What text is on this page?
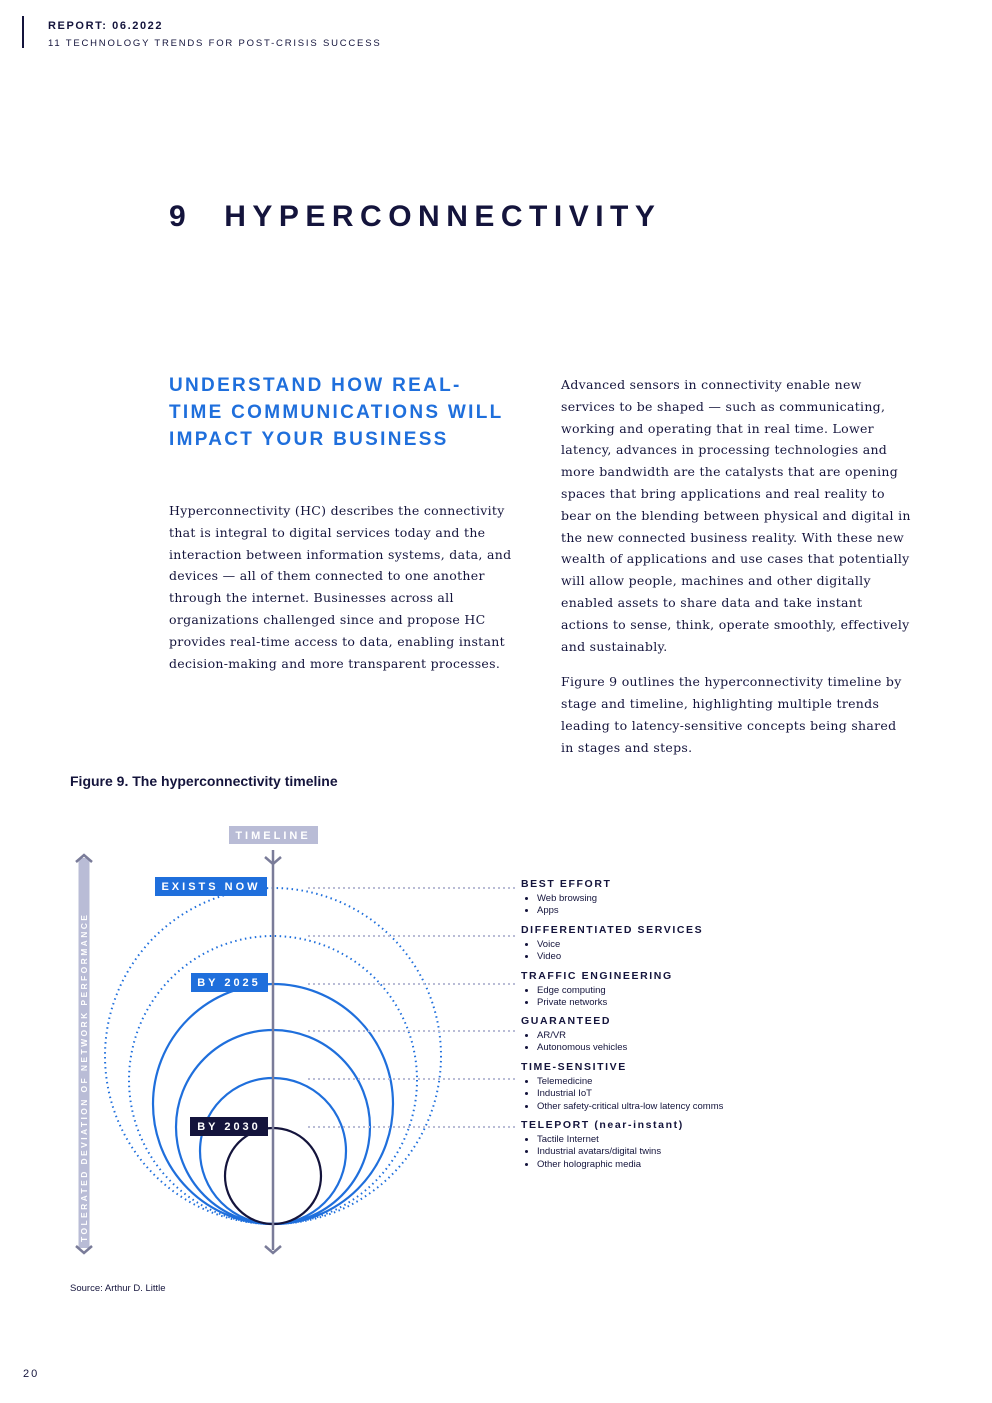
REPORT: 06.2022
11 TECHNOLOGY TRENDS FOR POST-CRISIS SUCCESS
9 HYPERCONNECTIVITY
UNDERSTAND HOW REAL-TIME COMMUNICATIONS WILL IMPACT YOUR BUSINESS
Hyperconnectivity (HC) describes the connectivity that is integral to digital services today and the interaction between information systems, data, and devices — all of them connected to one another through the internet. Businesses across all organizations challenged since and propose HC provides real-time access to data, enabling instant decision-making and more transparent processes.

Advanced sensors in connectivity enable new services to be shaped — such as communicating, working and operating that in real time. Lower latency, advances in processing technologies and more bandwidth are the catalysts that are opening spaces that bring applications and real reality to bear on the blending between physical and digital in the new connected business reality. With these new wealth of applications and use cases that potentially will allow people, machines and other digitally enabled assets to share data and take instant actions to sense, think, operate smoothly, effectively and sustainably.

Figure 9 outlines the hyperconnectivity timeline by stage and timeline, highlighting multiple trends leading to latency-sensitive concepts being shared in stages and steps.

Figure 9. The hyperconnectivity timeline
TIMELINE
TOLERATED DEVIATION OF NETWORK PERFORMANCE
EXISTS NOW
BY 2025
BY 2030
BEST EFFORT
• Web browsing
• Apps
DIFFERENTIATED SERVICES
• Voice
• Video
TRAFFIC ENGINEERING
• Edge computing
• Private networks
GUARANTEED
• AR/VR
• Autonomous vehicles
TIME-SENSITIVE
• Telemedicine
• Industrial IoT
• Other safety-critical ultra-low latency comms
TELEPORT (near-instant)
• Tactile Internet
• Industrial avatars/digital twins
• Other holographic media
Source: Arthur D. Little
20
